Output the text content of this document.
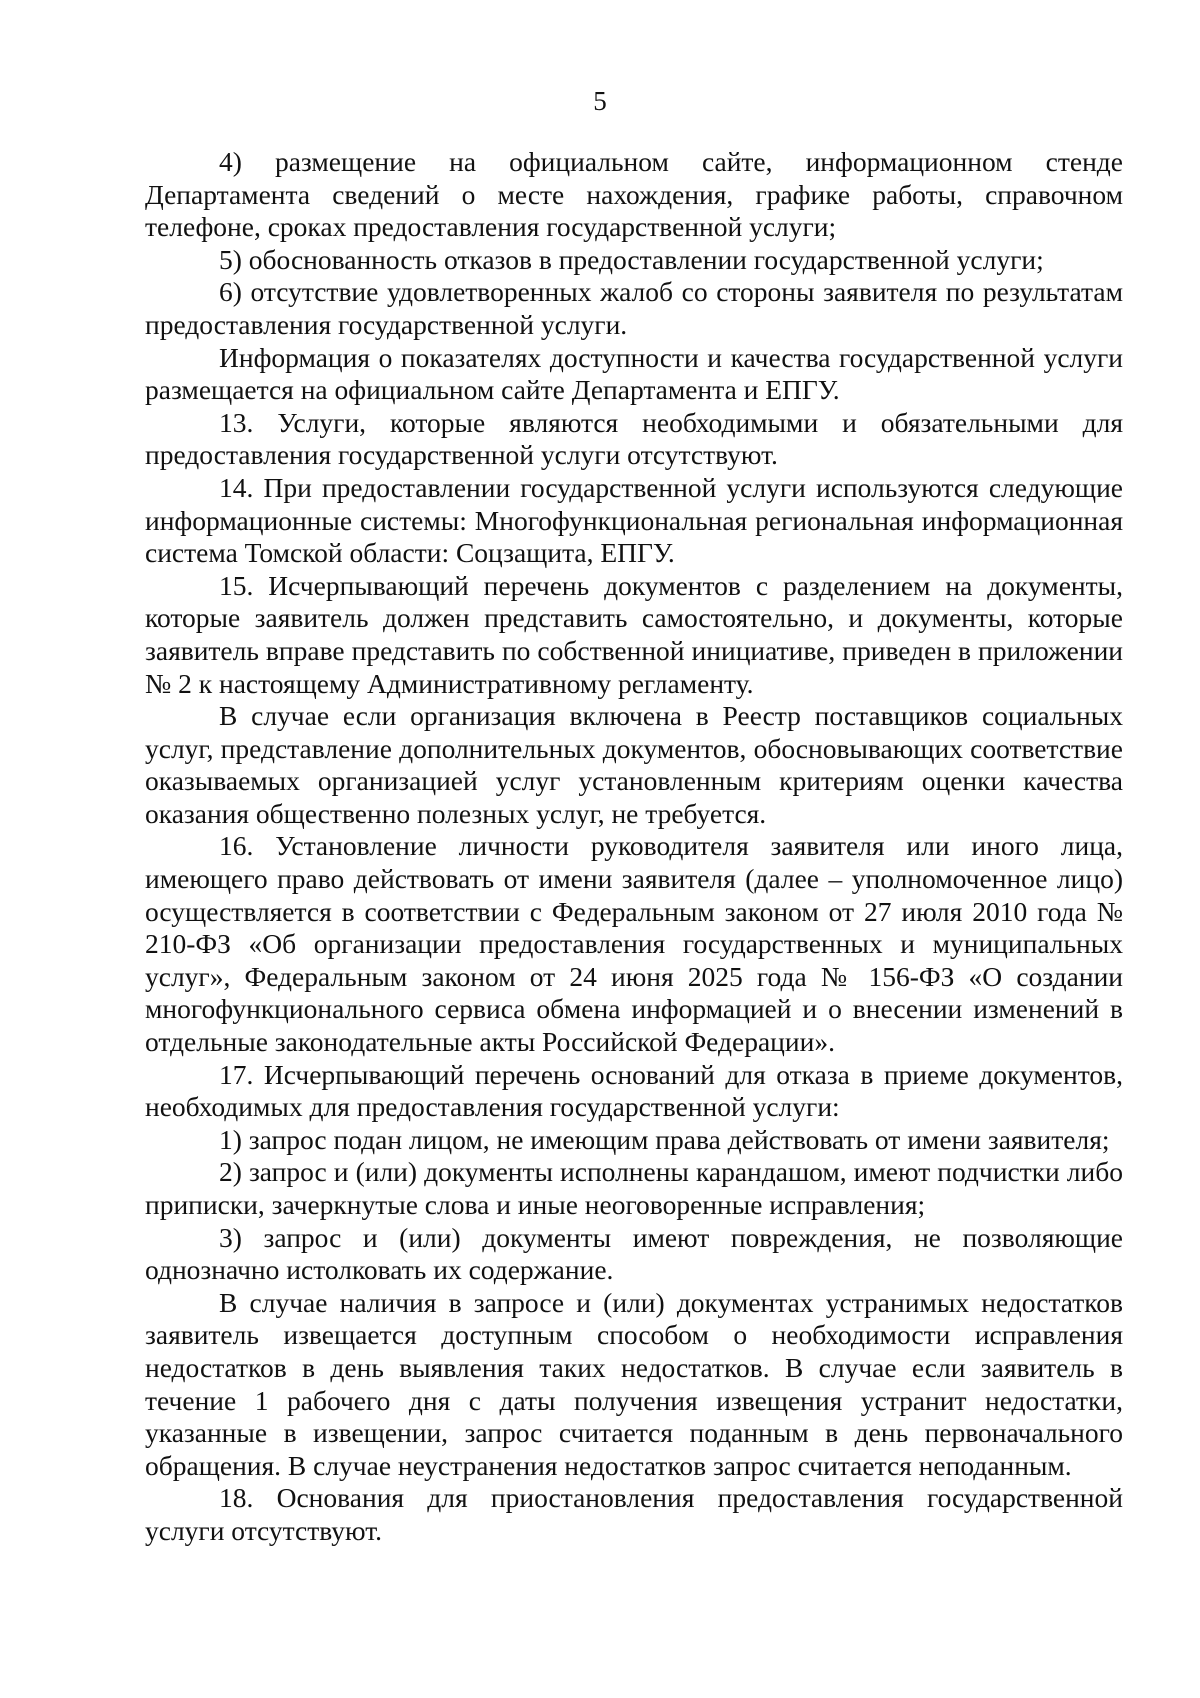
5

4) размещение на официальном сайте, информационном стенде Департамента сведений о месте нахождения, графике работы, справочном телефоне, сроках предоставления государственной услуги;

5) обоснованность отказов в предоставлении государственной услуги;

6) отсутствие удовлетворенных жалоб со стороны заявителя по результатам предоставления государственной услуги.

Информация о показателях доступности и качества государственной услуги размещается на официальном сайте Департамента и ЕПГУ.

13. Услуги, которые являются необходимыми и обязательными для предоставления государственной услуги отсутствуют.

14. При предоставлении государственной услуги используются следующие информационные системы: Многофункциональная региональная информационная система Томской области: Соцзащита, ЕПГУ.

15. Исчерпывающий перечень документов с разделением на документы, которые заявитель должен представить самостоятельно, и документы, которые заявитель вправе представить по собственной инициативе, приведен в приложении № 2 к настоящему Административному регламенту.

В случае если организация включена в Реестр поставщиков социальных услуг, представление дополнительных документов, обосновывающих соответствие оказываемых организацией услуг установленным критериям оценки качества оказания общественно полезных услуг, не требуется.

16. Установление личности руководителя заявителя или иного лица, имеющего право действовать от имени заявителя (далее – уполномоченное лицо) осуществляется в соответствии с Федеральным законом от 27 июля 2010 года № 210-ФЗ «Об организации предоставления государственных и муниципальных услуг», Федеральным законом от 24 июня 2025 года № 156-ФЗ «О создании многофункционального сервиса обмена информацией и о внесении изменений в отдельные законодательные акты Российской Федерации».

17. Исчерпывающий перечень оснований для отказа в приеме документов, необходимых для предоставления государственной услуги:

1) запрос подан лицом, не имеющим права действовать от имени заявителя;

2) запрос и (или) документы исполнены карандашом, имеют подчистки либо приписки, зачеркнутые слова и иные неоговоренные исправления;

3) запрос и (или) документы имеют повреждения, не позволяющие однозначно истолковать их содержание.

В случае наличия в запросе и (или) документах устранимых недостатков заявитель извещается доступным способом о необходимости исправления недостатков в день выявления таких недостатков. В случае если заявитель в течение 1 рабочего дня с даты получения извещения устранит недостатки, указанные в извещении, запрос считается поданным в день первоначального обращения. В случае неустранения недостатков запрос считается неподанным.

18. Основания для приостановления предоставления государственной услуги отсутствуют.
